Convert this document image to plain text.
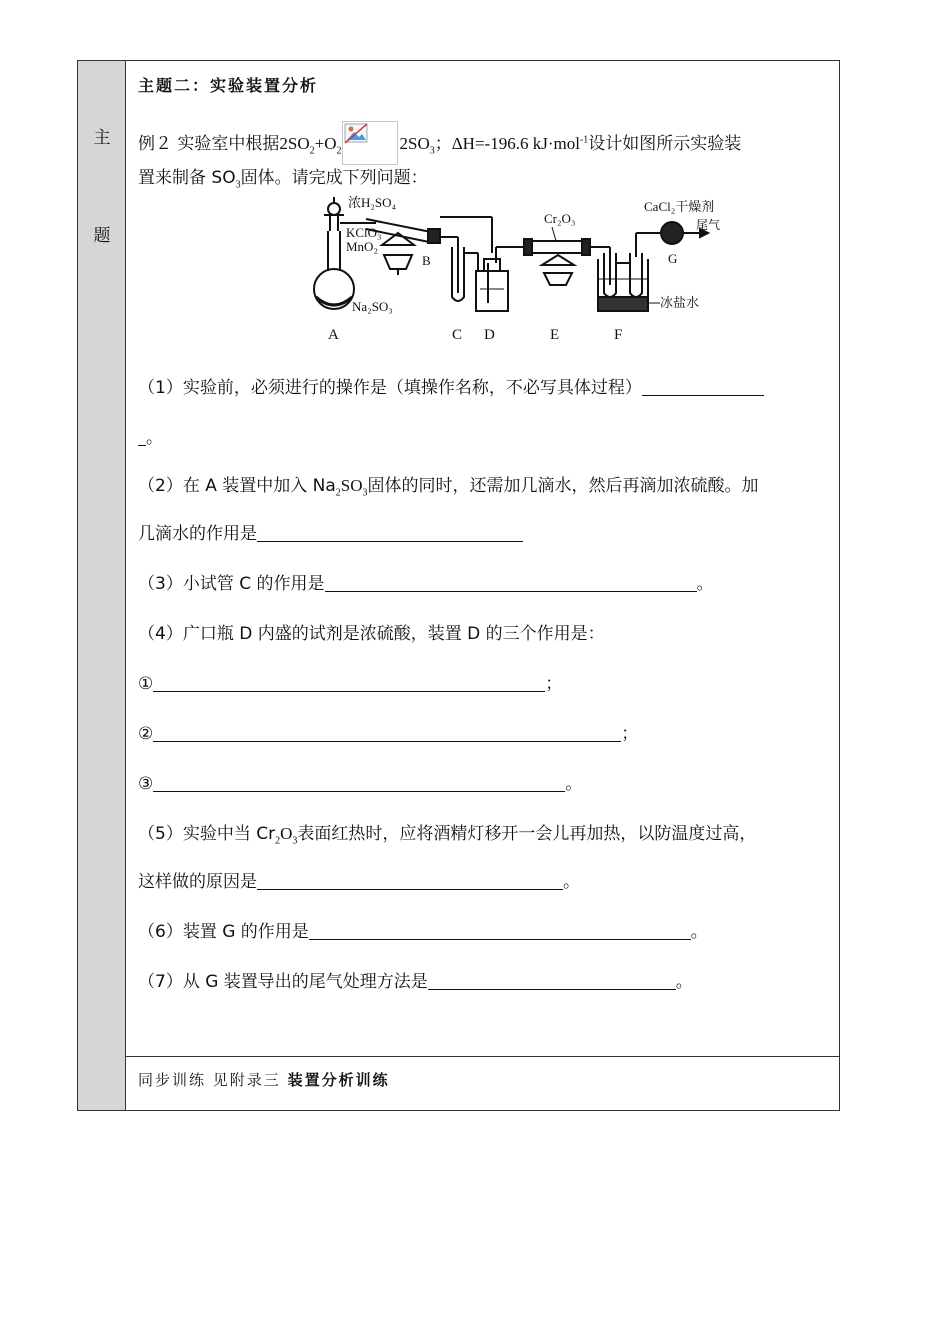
主
题
主题二：实验装置分析
例２ 实验室中根据$2SO_2+O_2$	$2SO_3$；ΔH=-196.6 kJ·mol$^{-1}$设计如图所示实验装
置来制备 $SO_3$固体。请完成下列问题：
浓H₂SO₄
KClO₃
MnO₂
B
Na₂SO₃
Cr₂O₃
CaCl₂干燥剂
尾气
G
冰盐水
A	C D	E	F
（1）实验前，必须进行的操作是（填操作名称，不必写具体过程）
。
（2）在 A 装置中加入 $Na_2SO_3$固体的同时，还需加几滴水，然后再滴加浓硫酸。加
几滴水的作用是
（3）小试管 C 的作用是	。
（4）广口瓶 D 内盛的试剂是浓硫酸，装置 D 的三个作用是：
①	；
②	；
③	。
（5）实验中当 $Cr_2O_3$表面红热时，应将酒精灯移开一会儿再加热，以防温度过高，
这样做的原因是	。
（6）装置 G 的作用是	。
（7）从 G 装置导出的尾气处理方法是	。
同步训练 见附录三 装置分析训练
